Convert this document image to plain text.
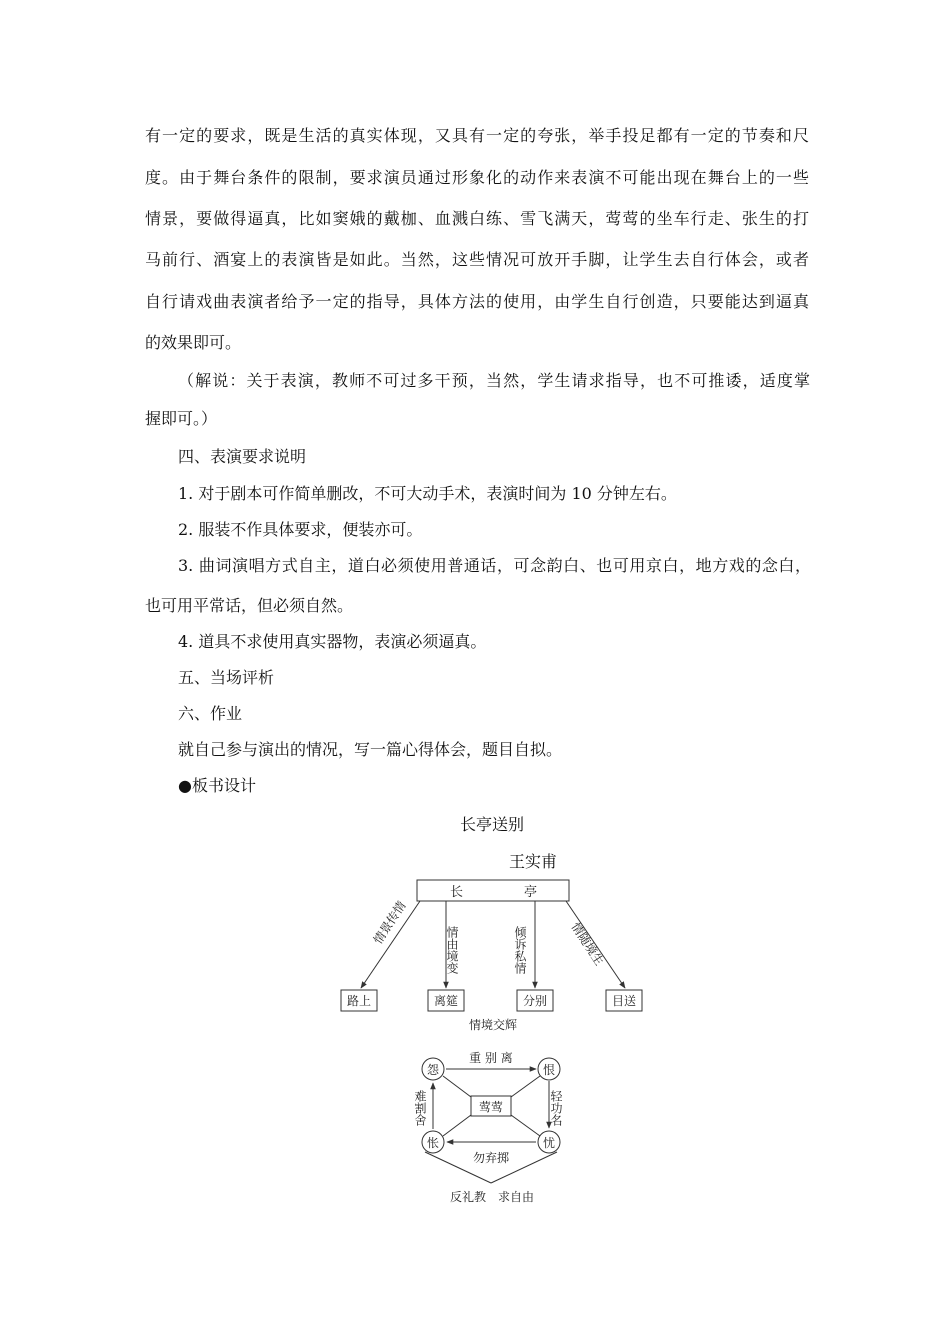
有一定的要求，既是生活的真实体现，又具有一定的夸张，举手投足都有一定的节奏和尺
度。由于舞台条件的限制，要求演员通过形象化的动作来表演不可能出现在舞台上的一些
情景，要做得逼真，比如窦娥的戴枷、血溅白练、雪飞满天，莺莺的坐车行走、张生的打
马前行、酒宴上的表演皆是如此。当然，这些情况可放开手脚，让学生去自行体会，或者
自行请戏曲表演者给予一定的指导，具体方法的使用，由学生自行创造，只要能达到逼真
的效果即可。
（解说：关于表演，教师不可过多干预，当然，学生请求指导，也不可推诿，适度掌
握即可。）
四、表演要求说明
1. 对于剧本可作简单删改，不可大动手术，表演时间为 10 分钟左右。
2. 服装不作具体要求，便装亦可。
3. 曲词演唱方式自主，道白必须使用普通话，可念韵白、也可用京白，地方戏的念白，
也可用平常话，但必须自然。
4. 道具不求使用真实器物，表演必须逼真。
五、当场评析
六、作业
就自己参与演出的情况，写一篇心得体会，题目自拟。
●板书设计
长亭送别
王实甫
长	亭
情景传情
情由境变	倾诉私情	情随境生
路上	离筵	分别	目送
情境交辉
莺莺
怨	恨
忧
怅
重 别 离
轻功名
勿弃掷
难割舍
反礼教　求自由
